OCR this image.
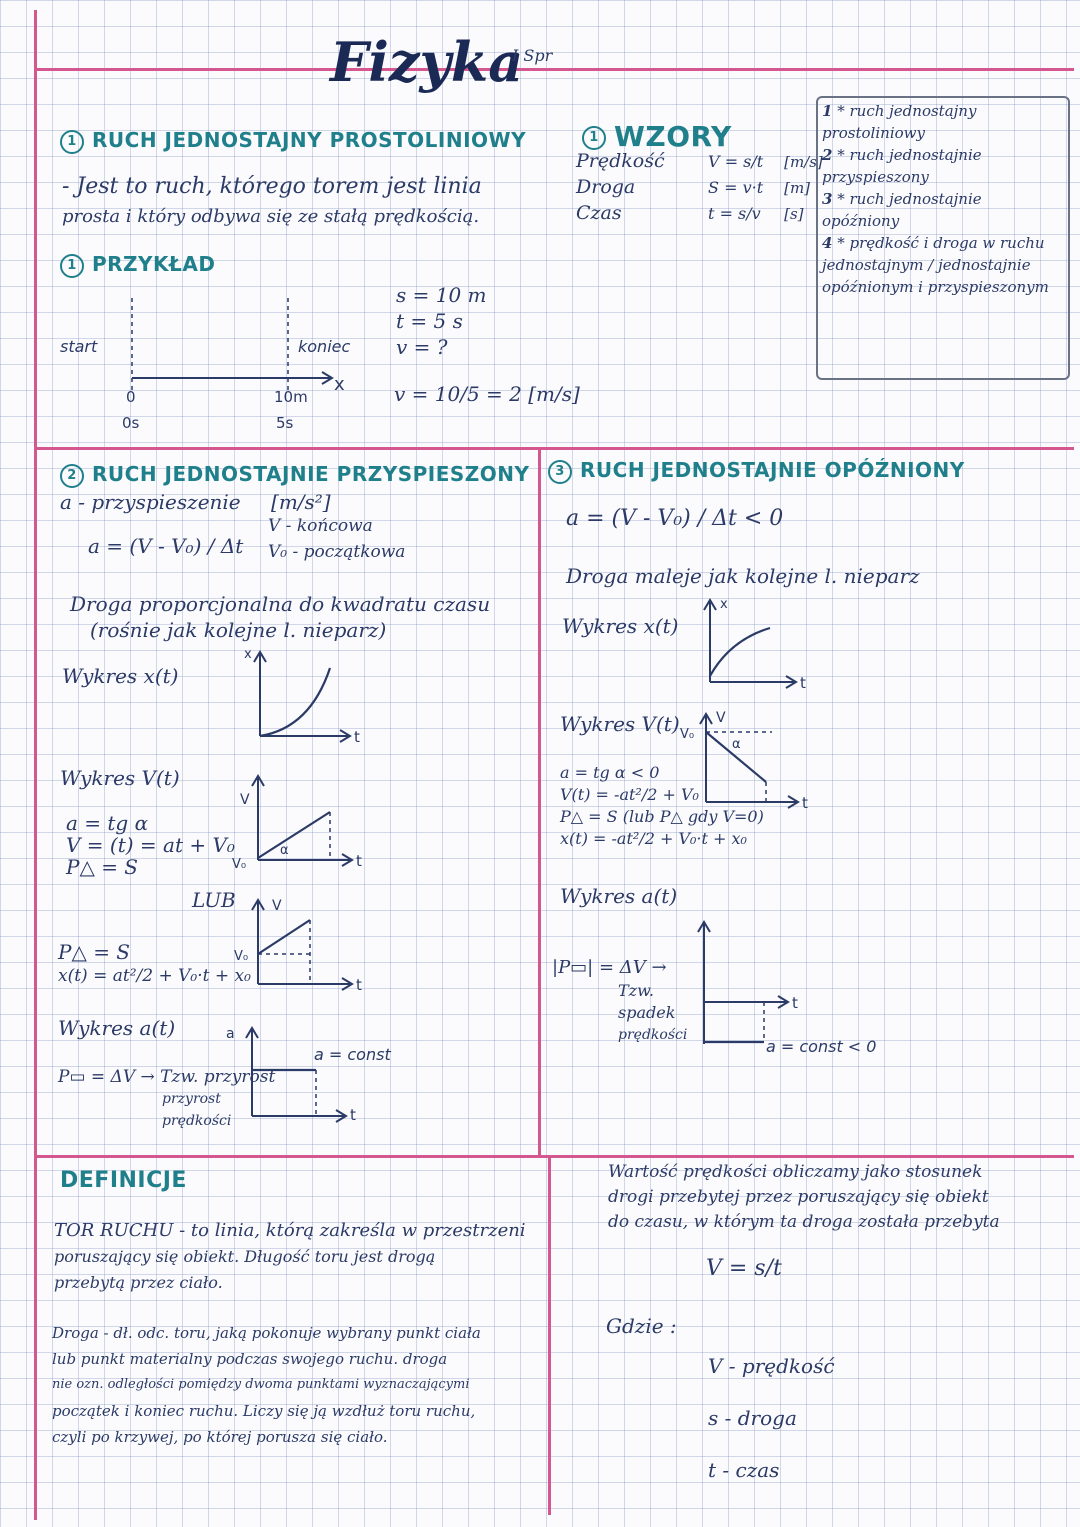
Fizyka
I Spr
1 RUCH JEDNOSTAJNY PROSTOLINIOWY

- Jest to ruch, którego torem jest linia

prosta i który odbywa się ze stałą prędkością.

1 PRZYKŁAD
start	koniec
x
0
0s
10m
5s

s = 10 m

t = 5 s

v = ?

v = 10/5 = 2 [m/s]
1 WZORY
Prędkość	V = s/t [m/s]
Droga	S = v·t [m]
Czas	t = s/v [s]
1 * ruch jednostajny prostoliniowy
2 * ruch jednostajnie przyspieszony
3 * ruch jednostajnie opóźniony
4 * prędkość i droga w ruchu jednostajnym / jednostajnie opóźnionym i przyspieszonym
2 RUCH JEDNOSTAJNIE PRZYSPIESZONY
a - przyspieszenie [m/s²]
a = (V - V₀) / Δt
V - końcowa
V₀ - początkowa
Droga proporcjonalna do kwadratu czasu
(rośnie jak kolejne l. nieparz)
Wykres x(t)
t
x
Wykres V(t)

a = tg α

V = (t) = at + V₀

P△ = S

α
t
V
V₀
LUB

P△ = S

x(t) = at²/2 + V₀·t + x₀	t
V
V₀
Wykres a(t)

P▭ = ΔV → Tzw. przyrost

przyrost

prędkości

a
t
a = const
3 RUCH JEDNOSTAJNIE OPÓŹNIONY
a = (V - V₀) / Δt < 0
Droga maleje jak kolejne l. nieparz
Wykres x(t)
t
x
Wykres V(t)

a = tg α < 0

V(t) = -at²/2 + V₀

P△ = S (lub P△ gdy V=0)

x(t) = -at²/2 + V₀·t + x₀

α
V
V₀
t
Wykres a(t)

|P▭| = ΔV →

Tzw.

spadek

prędkości

t
a = const < 0
DEFINICJE

TOR RUCHU - to linia, którą zakreśla w przestrzeni

poruszający się obiekt. Długość toru jest drogą

przebytą przez ciało.

Droga - dł. odc. toru, jaką pokonuje wybrany punkt ciała

lub punkt materialny podczas swojego ruchu. droga

nie ozn. odległości pomiędzy dwoma punktami wyznaczającymi

początek i koniec ruchu. Liczy się ją wzdłuż toru ruchu,

czyli po krzywej, po której porusza się ciało.

Wartość prędkości obliczamy jako stosunek

drogi przebytej przez poruszający się obiekt

do czasu, w którym ta droga została przebyta

V = s/t
Gdzie :

V - prędkość

s - droga

t - czas
